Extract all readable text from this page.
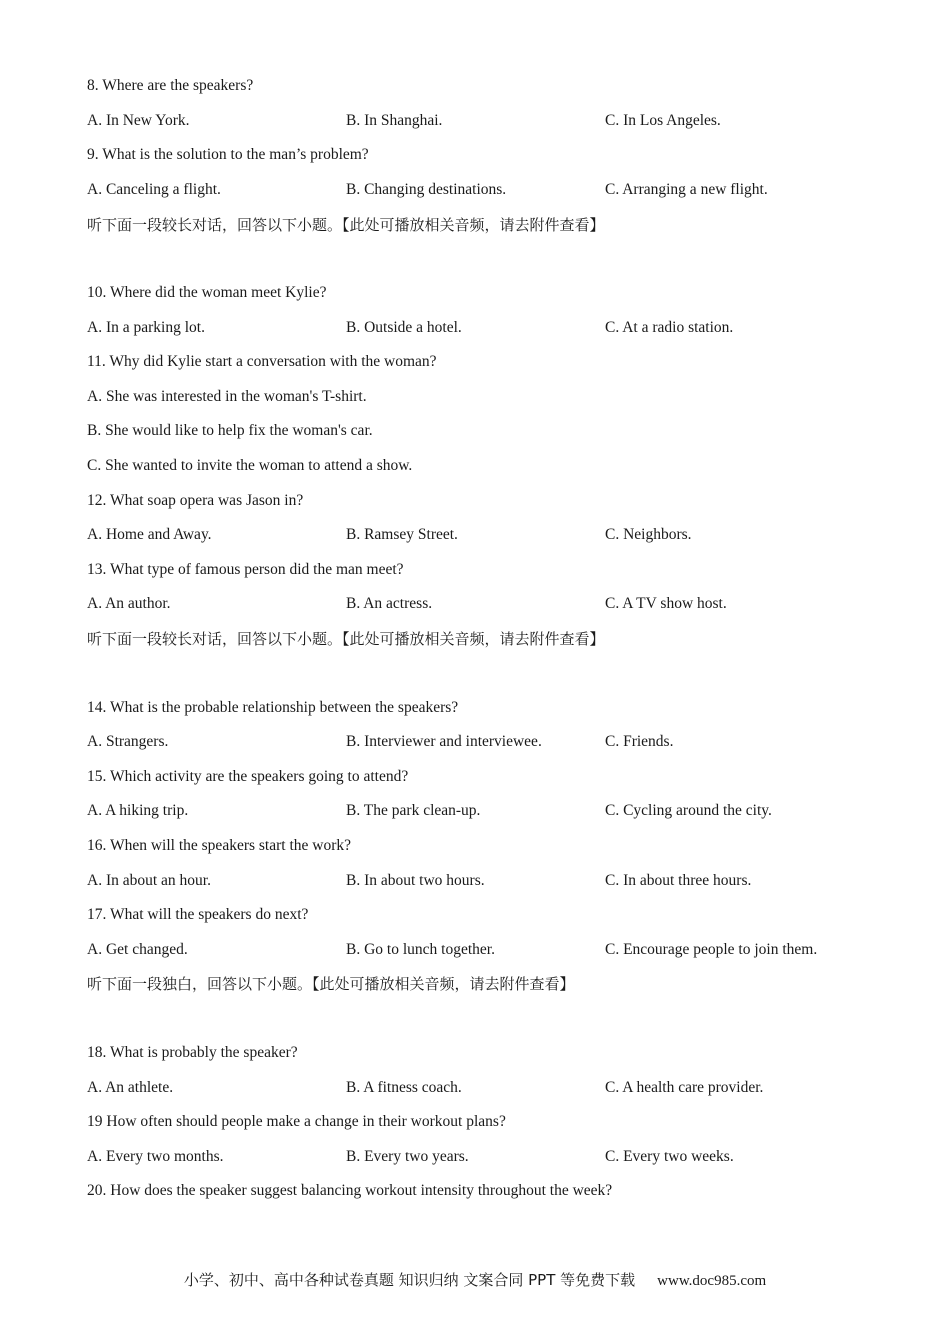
8. Where are the speakers?
A. In New York.	B. In Shanghai.	C. In Los Angeles.
9. What is the solution to the man’s problem?
A. Canceling a flight.	B. Changing destinations.	C. Arranging a new flight.
听下面一段较长对话，回答以下小题。【此处可播放相关音频，请去附件查看】
10. Where did the woman meet Kylie?
A. In a parking lot.	B. Outside a hotel.	C. At a radio station.
11. Why did Kylie start a conversation with the woman?
A. She was interested in the woman's T-shirt.
B. She would like to help fix the woman's car.
C. She wanted to invite the woman to attend a show.
12. What soap opera was Jason in?
A. Home and Away.	B. Ramsey Street.	C. Neighbors.
13. What type of famous person did the man meet?
A. An author.	B. An actress.	C. A TV show host.
听下面一段较长对话，回答以下小题。【此处可播放相关音频，请去附件查看】
14. What is the probable relationship between the speakers?
A. Strangers.	B. Interviewer and interviewee.	C. Friends.
15. Which activity are the speakers going to attend?
A. A hiking trip.	B. The park clean-up.	C. Cycling around the city.
16. When will the speakers start the work?
A. In about an hour.	B. In about two hours.	C. In about three hours.
17. What will the speakers do next?
A. Get changed.	B. Go to lunch together.	C. Encourage people to join them.
听下面一段独白，回答以下小题。【此处可播放相关音频，请去附件查看】
18. What is probably the speaker?
A. An athlete.	B. A fitness coach.	C. A health care provider.
19 How often should people make a change in their workout plans?
A. Every two months.	B. Every two years.	C. Every two weeks.
20. How does the speaker suggest balancing workout intensity throughout the week?
小学、初中、高中各种试卷真题 知识归纳 文案合同 PPT 等免费下载 www.doc985.com
